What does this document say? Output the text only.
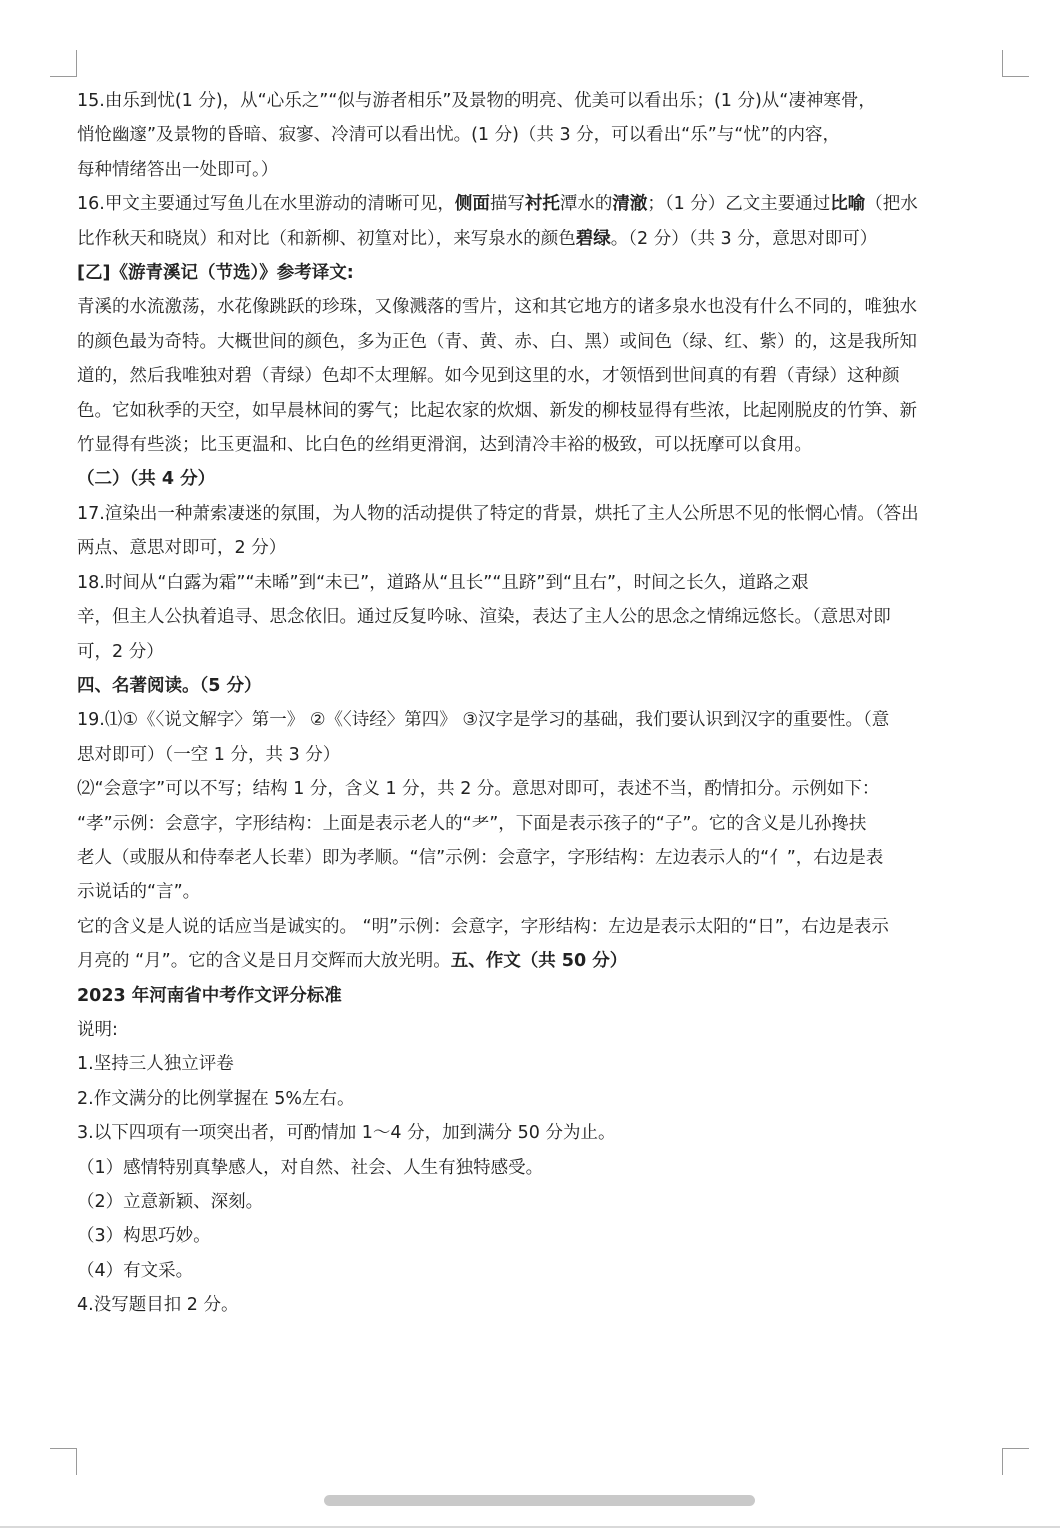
15.由乐到忧(1 分)，从“心乐之”“似与游者相乐”及景物的明亮、优美可以看出乐；(1 分)从“凄神寒骨，

悄怆幽邃”及景物的昏暗、寂寥、冷清可以看出忧。(1 分)（共 3 分，可以看出“乐”与“忧”的内容，

每种情绪答出一处即可。）

16.甲文主要通过写鱼儿在水里游动的清晰可见，侧面描写衬托潭水的清澈；（1 分）乙文主要通过比喻（把水

比作秋天和晓岚）和对比（和新柳、初篁对比），来写泉水的颜色碧绿。（2 分）（共 3 分，意思对即可）

[乙]《游青溪记（节选）》参考译文:

青溪的水流激荡，水花像跳跃的珍珠，又像溅落的雪片，这和其它地方的诸多泉水也没有什么不同的，唯独水

的颜色最为奇特。大概世间的颜色，多为正色（青、黄、赤、白、黑）或间色（绿、红、紫）的，这是我所知

道的，然后我唯独对碧（青绿）色却不太理解。如今见到这里的水，才领悟到世间真的有碧（青绿）这种颜

色。它如秋季的天空，如早晨林间的雾气；比起农家的炊烟、新发的柳枝显得有些浓，比起刚脱皮的竹笋、新

竹显得有些淡；比玉更温和、比白色的丝绢更滑润，达到清冷丰裕的极致，可以抚摩可以食用。

（二）（共 4 分）

17.渲染出一种萧索凄迷的氛围，为人物的活动提供了特定的背景，烘托了主人公所思不见的怅惘心情。（答出

两点、意思对即可，2 分）

18.时间从“白露为霜”“未晞”到“未已”，道路从“且长”“且跻”到“且右”，时间之长久，道路之艰

辛，但主人公执着追寻、思念依旧。通过反复吟咏、渲染，表达了主人公的思念之情绵远悠长。（意思对即

可，2 分）

四、名著阅读。（5 分）

19.⑴①《〈说文解字〉第一》 ②《〈诗经〉第四》 ③汉字是学习的基础，我们要认识到汉字的重要性。（意

思对即可）（一空 1 分，共 3 分）

⑵“会意字”可以不写；结构 1 分，含义 1 分，共 2 分。意思对即可，表述不当，酌情扣分。示例如下：

“孝”示例：会意字，字形结构：上面是表示老人的“耂”，下面是表示孩子的“子”。它的含义是儿孙搀扶

老人（或服从和侍奉老人长辈）即为孝顺。“信”示例：会意字，字形结构：左边表示人的“亻”，右边是表

示说话的“言”。

它的含义是人说的话应当是诚实的。 “明”示例：会意字，字形结构：左边是表示太阳的“日”，右边是表示

月亮的 “月”。它的含义是日月交辉而大放光明。五、作文（共 50 分）

2023 年河南省中考作文评分标准

说明:

1.坚持三人独立评卷

2.作文满分的比例掌握在 5%左右。

3.以下四项有一项突出者，可酌情加 1～4 分，加到满分 50 分为止。

（1）感情特别真挚感人，对自然、社会、人生有独特感受。

（2）立意新颖、深刻。

（3）构思巧妙。

（4）有文采。

4.没写题目扣 2 分。
